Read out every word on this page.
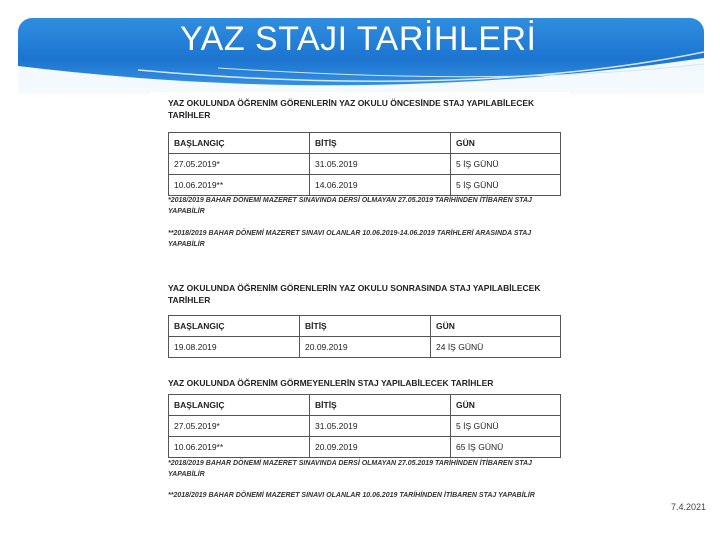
YAZ STAJI TARİHLERİ

YAZ OKULUNDA ÖĞRENİM GÖRENLERİN YAZ OKULU ÖNCESİNDE STAJ YAPILABİLECEK TARİHLER

BAŞLANGIÇ	BİTİŞ	GÜN
27.05.2019*	31.05.2019	5 İŞ GÜNÜ
10.06.2019**	14.06.2019	5 İŞ GÜNÜ

*2018/2019 BAHAR DÖNEMİ MAZERET SINAVINDA DERSİ OLMAYAN 27.05.2019 TARİHİNDEN İTİBAREN STAJ YAPABİLİR

**2018/2019 BAHAR DÖNEMİ MAZERET SINAVI OLANLAR 10.06.2019-14.06.2019 TARİHLERİ ARASINDA STAJ YAPABİLİR

YAZ OKULUNDA ÖĞRENİM GÖRENLERİN YAZ OKULU SONRASINDA STAJ YAPILABİLECEK TARİHLER

BAŞLANGIÇ	BİTİŞ	GÜN
19.08.2019	20.09.2019	24 İŞ GÜNÜ

YAZ OKULUNDA ÖĞRENİM GÖRMEYENLERİN STAJ YAPILABİLECEK TARİHLER

BAŞLANGIÇ	BİTİŞ	GÜN
27.05.2019*	31.05.2019	5 İŞ GÜNÜ
10.06.2019**	20.09.2019	65 İŞ GÜNÜ

*2018/2019 BAHAR DÖNEMİ MAZERET SINAVINDA DERSİ OLMAYAN 27.05.2019 TARİHİNDEN İTİBAREN STAJ YAPABİLİR

**2018/2019 BAHAR DÖNEMİ MAZERET SINAVI OLANLAR 10.06.2019 TARİHİNDEN İTİBAREN STAJ YAPABİLİR

7.4.2021
